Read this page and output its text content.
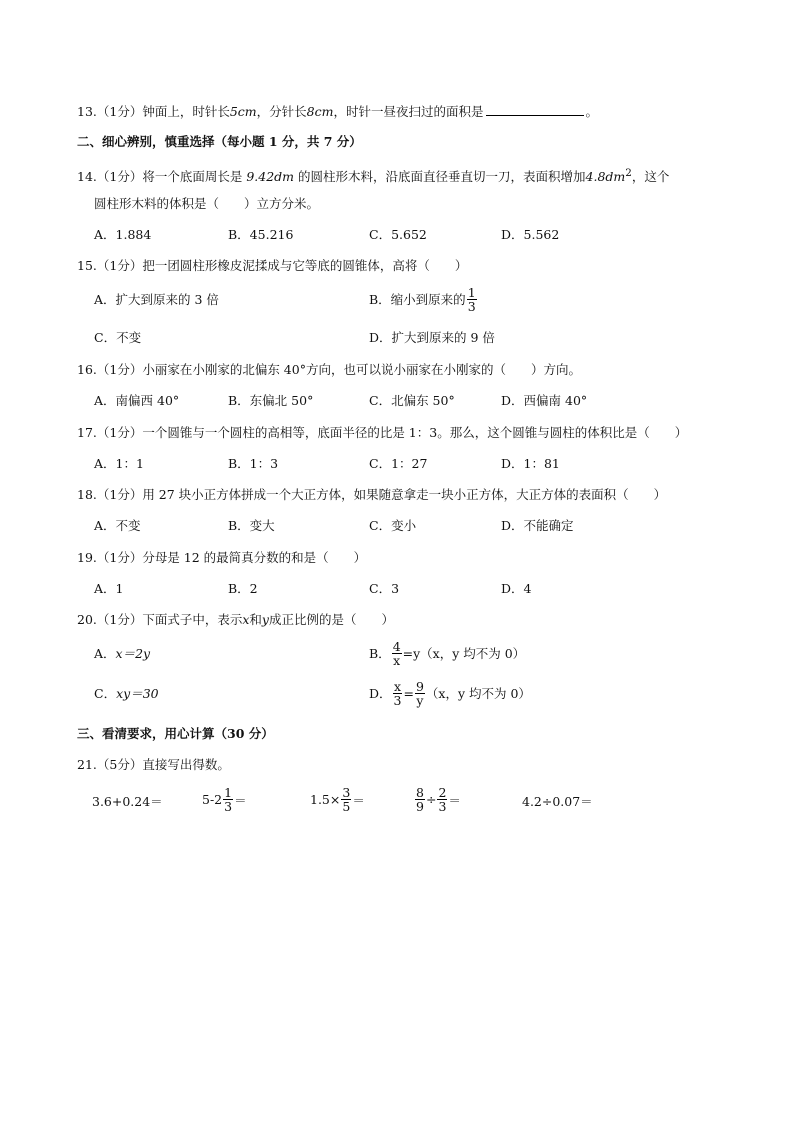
13.（1分）钟面上，时针长5cm，分针长8cm，时针一昼夜扫过的面积是	。
二、细心辨别，慎重选择（每小题 1 分，共 7 分）
14.（1分）将一个底面周长是 9.42dm 的圆柱形木料，沿底面直径垂直切一刀，表面积增加$4.8dm^2$，这个
圆柱形木料的体积是（　　）立方分米。
A．1.884	B．45.216	C．5.652	D．5.562
15.（1分）把一团圆柱形橡皮泥揉成与它等底的圆锥体，高将（　　）
A．扩大到原来的 3 倍	B．缩小到原来的 $\frac{1}{3}$
C．不变	D．扩大到原来的 9 倍
16.（1分）小丽家在小刚家的北偏东 40°方向，也可以说小丽家在小刚家的（　　）方向。
A．南偏西 40°	B．东偏北 50°	C．北偏东 50°	D．西偏南 40°
17.（1分）一个圆锥与一个圆柱的高相等，底面半径的比是 1：3。那么，这个圆锥与圆柱的体积比是（　　）
A．1：1	B．1：3	C．1：27	D．1：81
18.（1分）用 27 块小正方体拼成一个大正方体，如果随意拿走一块小正方体，大正方体的表面积（　　）
A．不变	B．变大	C．变小	D．不能确定
19.（1分）分母是 12 的最简真分数的和是（　　）
A．1	B．2	C．3	D．4
20.（1分）下面式子中，表示x和y成正比例的是（　　）
A．x＝2y	B． $\frac{4}{x} =y(x$，y 均不为 0）
C．xy＝30	D． $\frac{x}{3} = \frac{9}{y} (x$，y 均不为 0）
三、看清要求，用心计算（30 分）
21.（5分）直接写出得数。
3.6+0.24＝	$5-2 \frac{1}{3}$ ＝	$1.5\times \frac{3}{5}$ ＝	$\frac{8}{9} \div \frac{2}{3}$ ＝	4.2÷0.07＝
